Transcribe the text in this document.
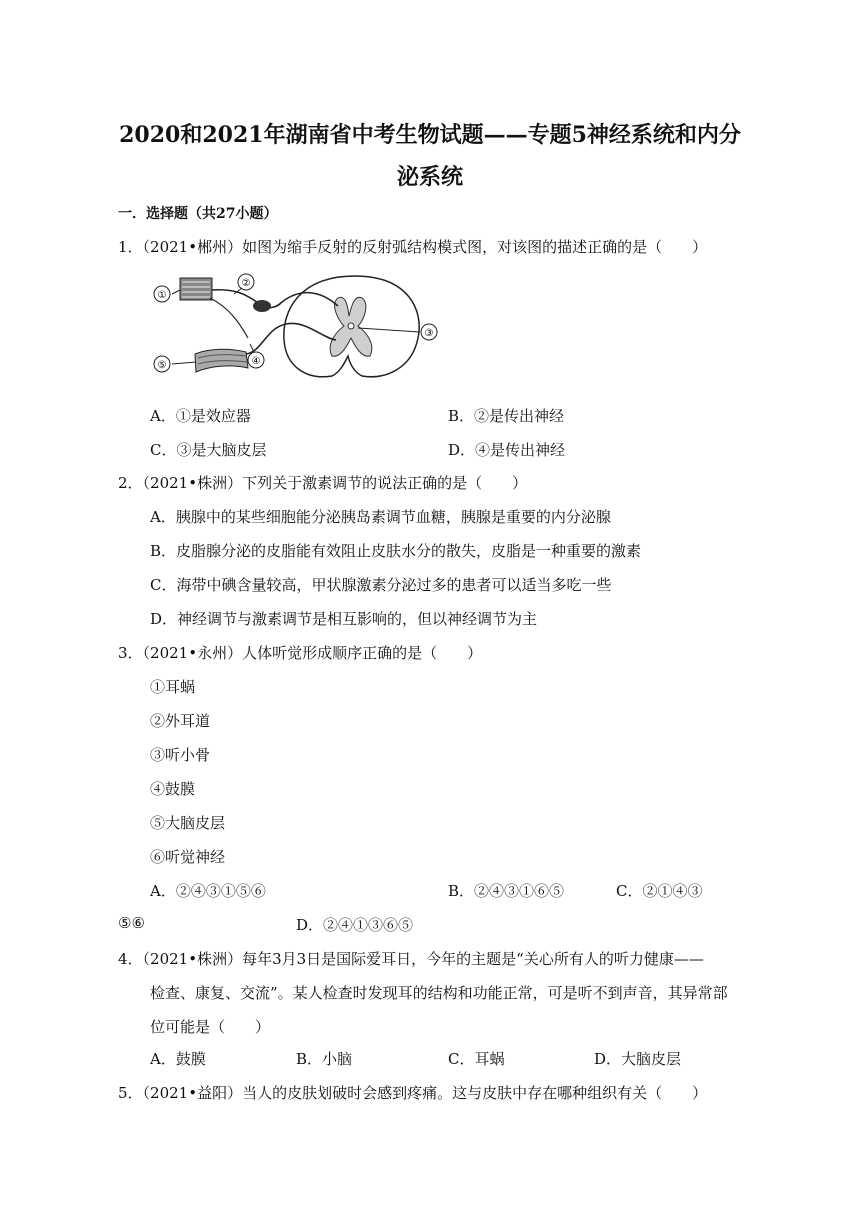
2020和2021年湖南省中考生物试题——专题5神经系统和内分
泌系统
一．选择题（共27小题）
1．（2021•郴州）如图为缩手反射的反射弧结构模式图，对该图的描述正确的是（　　）
①
②
③
④
⑤
A．①是效应器	B．②是传出神经
C．③是大脑皮层	D．④是传出神经
2．（2021•株洲）下列关于激素调节的说法正确的是（　　）
A．胰腺中的某些细胞能分泌胰岛素调节血糖，胰腺是重要的内分泌腺
B．皮脂腺分泌的皮脂能有效阻止皮肤水分的散失，皮脂是一种重要的激素
C．海带中碘含量较高，甲状腺激素分泌过多的患者可以适当多吃一些
D．神经调节与激素调节是相互影响的，但以神经调节为主
3．（2021•永州）人体听觉形成顺序正确的是（　　）
①耳蜗
②外耳道
③听小骨
④鼓膜
⑤大脑皮层
⑥听觉神经
A．②④③①⑤⑥	B．②④③①⑥⑤	C．②①④③
⑤⑥	D．②④①③⑥⑤
4．（2021•株洲）每年3月3日是国际爱耳日，今年的主题是“关心所有人的听力健康——
检查、康复、交流”。某人检查时发现耳的结构和功能正常，可是听不到声音，其异常部
位可能是（　　）
A．鼓膜	B．小脑	C．耳蜗	D．大脑皮层
5．（2021•益阳）当人的皮肤划破时会感到疼痛。这与皮肤中存在哪种组织有关（　　）
